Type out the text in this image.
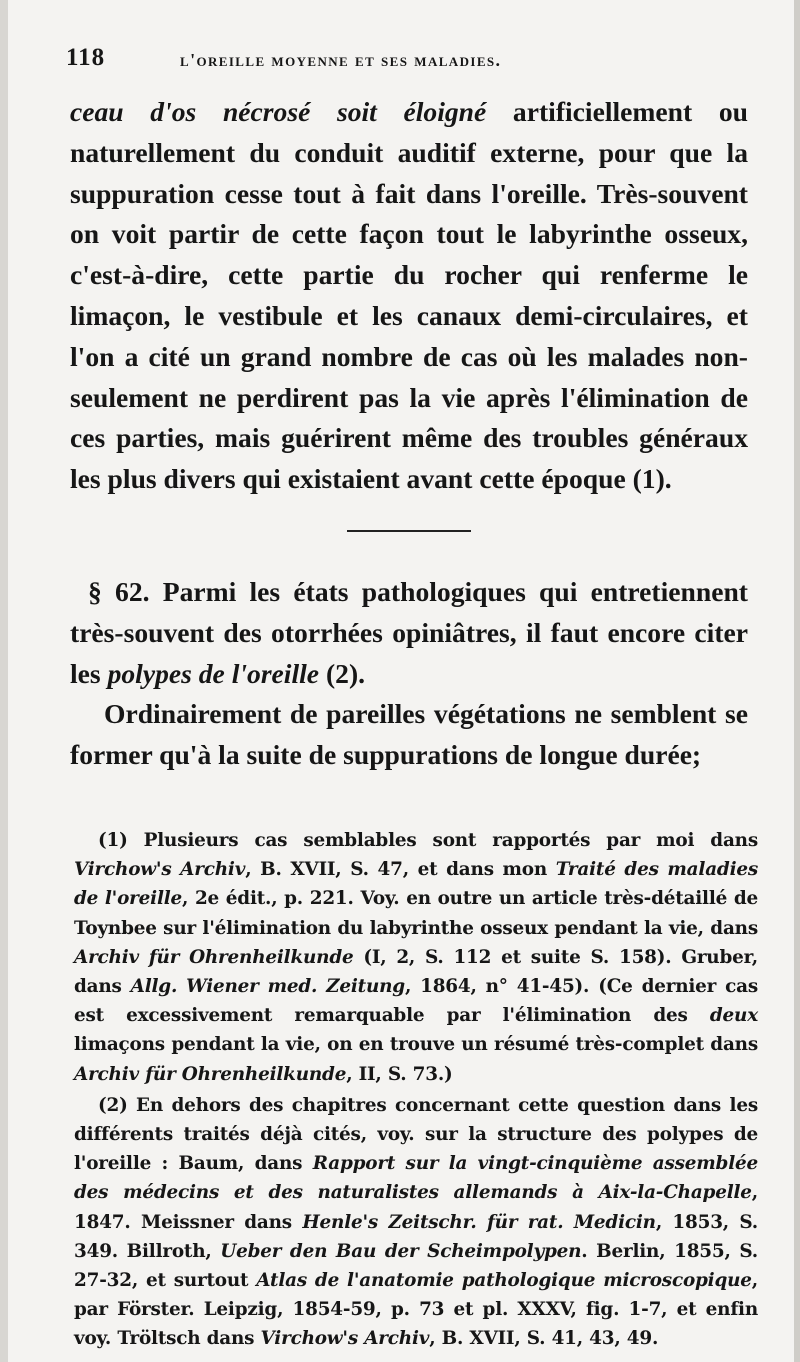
118	l'oreille moyenne et ses maladies.

ceau d'os nécrosé soit éloigné artificiellement ou naturellement du conduit auditif externe, pour que la suppuration cesse tout à fait dans l'oreille. Très-souvent on voit partir de cette façon tout le labyrinthe osseux, c'est-à-dire, cette partie du rocher qui renferme le limaçon, le vestibule et les canaux demi-circulaires, et l'on a cité un grand nombre de cas où les malades non-seulement ne perdirent pas la vie après l'élimination de ces parties, mais guérirent même des troubles généraux les plus divers qui existaient avant cette époque (1).

§ 62. Parmi les états pathologiques qui entretiennent très-souvent des otorrhées opiniâtres, il faut encore citer les polypes de l'oreille (2).

Ordinairement de pareilles végétations ne semblent se former qu'à la suite de suppurations de longue durée;

(1) Plusieurs cas semblables sont rapportés par moi dans Virchow's Archiv, B. XVII, S. 47, et dans mon Traité des maladies de l'oreille, 2e édit., p. 221. Voy. en outre un article très-détaillé de Toynbee sur l'élimination du labyrinthe osseux pendant la vie, dans Archiv für Ohrenheilkunde (I, 2, S. 112 et suite S. 158). Gruber, dans Allg. Wiener med. Zeitung, 1864, n° 41-45). (Ce dernier cas est excessivement remarquable par l'élimination des deux limaçons pendant la vie, on en trouve un résumé très-complet dans Archiv für Ohrenheilkunde, II, S. 73.)

(2) En dehors des chapitres concernant cette question dans les différents traités déjà cités, voy. sur la structure des polypes de l'oreille : Baum, dans Rapport sur la vingt-cinquième assemblée des médecins et des naturalistes allemands à Aix-la-Chapelle, 1847. Meissner dans Henle's Zeitschr. für rat. Medicin, 1853, S. 349. Billroth, Ueber den Bau der Scheimpolypen. Berlin, 1855, S. 27-32, et surtout Atlas de l'anatomie pathologique microscopique, par Förster. Leipzig, 1854-59, p. 73 et pl. XXXV, fig. 1-7, et enfin voy. Tröltsch dans Virchow's Archiv, B. XVII, S. 41, 43, 49.
